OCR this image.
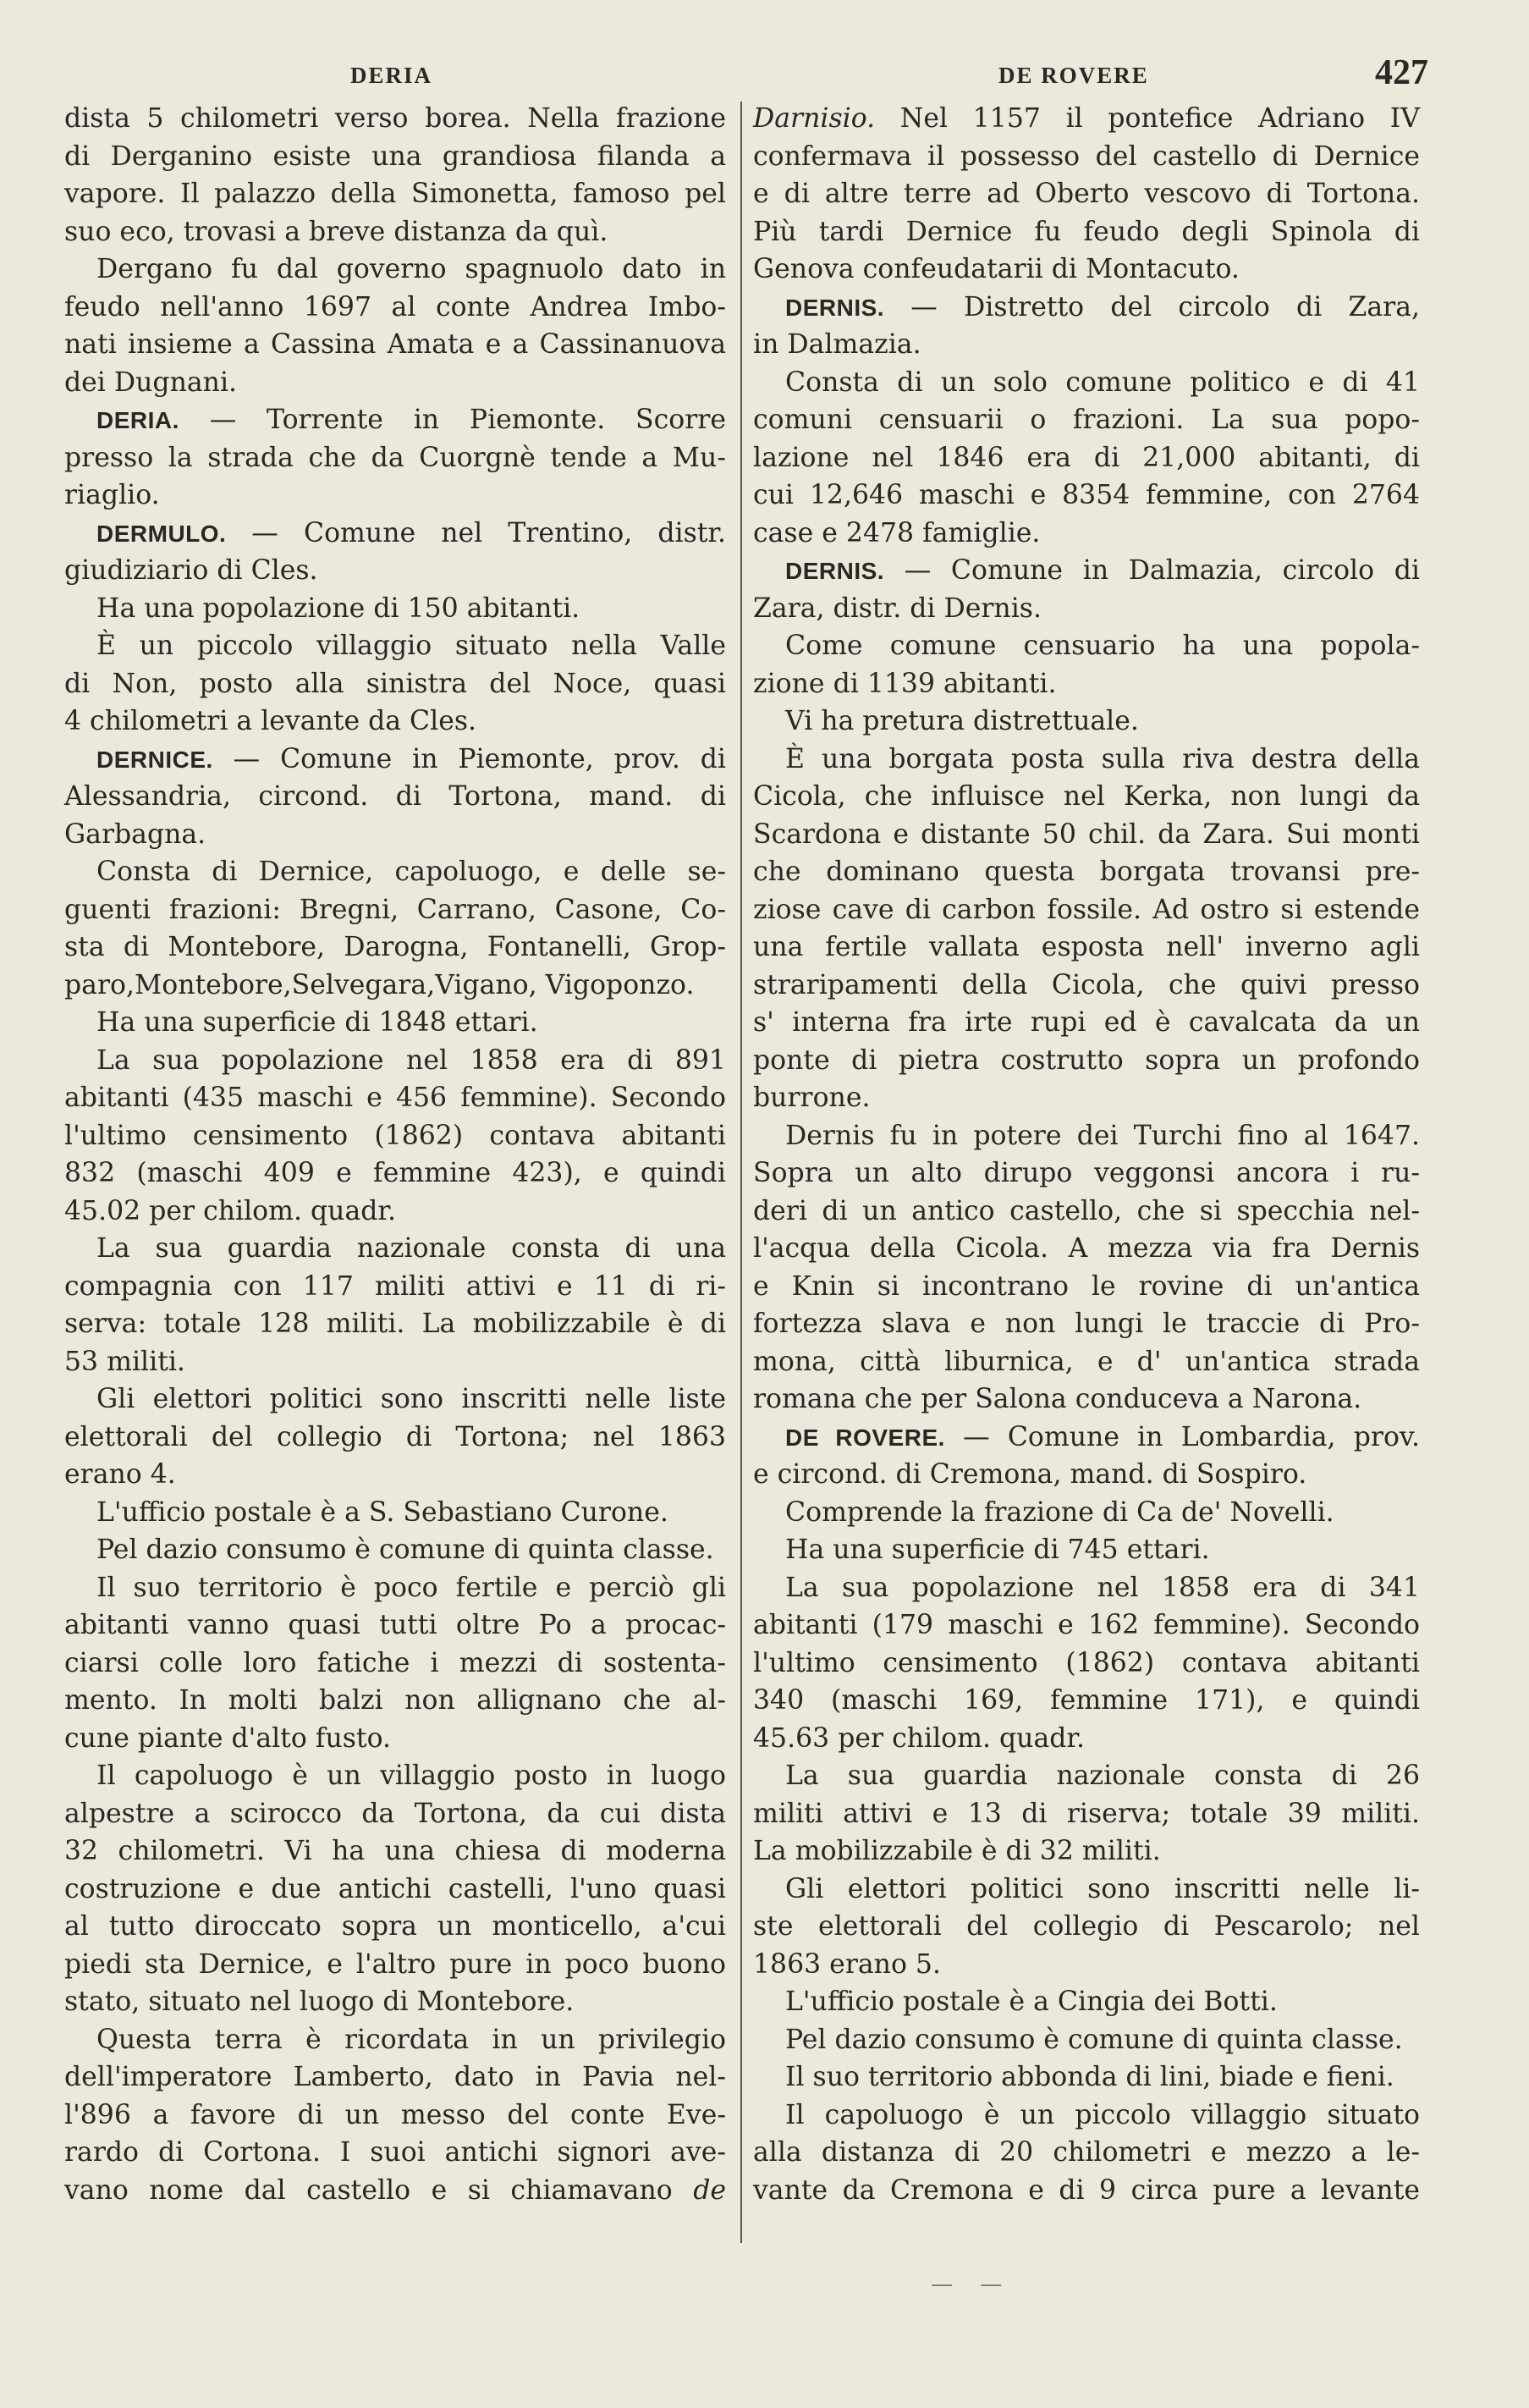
DERIA	DE ROVERE	427
dista 5 chilometri verso borea. Nella frazione
di Derganino esiste una grandiosa filanda a
vapore. Il palazzo della Simonetta, famoso pel
suo eco, trovasi a breve distanza da quì.
Dergano fu dal governo spagnuolo dato in
feudo nell'anno 1697 al conte Andrea Imbo-
nati insieme a Cassina Amata e a Cassinanuova
dei Dugnani.
DERIA. — Torrente in Piemonte. Scorre
presso la strada che da Cuorgnè tende a Mu-
riaglio.
DERMULO. — Comune nel Trentino, distr.
giudiziario di Cles.
Ha una popolazione di 150 abitanti.
È un piccolo villaggio situato nella Valle
di Non, posto alla sinistra del Noce, quasi
4 chilometri a levante da Cles.
DERNICE. — Comune in Piemonte, prov. di
Alessandria, circond. di Tortona, mand. di
Garbagna.
Consta di Dernice, capoluogo, e delle se-
guenti frazioni: Bregni, Carrano, Casone, Co-
sta di Montebore, Darogna, Fontanelli, Grop-
paro,Montebore,Selvegara,Vigano, Vigoponzo.
Ha una superficie di 1848 ettari.
La sua popolazione nel 1858 era di 891
abitanti (435 maschi e 456 femmine). Secondo
l'ultimo censimento (1862) contava abitanti
832 (maschi 409 e femmine 423), e quindi
45.02 per chilom. quadr.
La sua guardia nazionale consta di una
compagnia con 117 militi attivi e 11 di ri-
serva: totale 128 militi. La mobilizzabile è di
53 militi.
Gli elettori politici sono inscritti nelle liste
elettorali del collegio di Tortona; nel 1863
erano 4.
L'ufficio postale è a S. Sebastiano Curone.
Pel dazio consumo è comune di quinta classe.
Il suo territorio è poco fertile e perciò gli
abitanti vanno quasi tutti oltre Po a procac-
ciarsi colle loro fatiche i mezzi di sostenta-
mento. In molti balzi non allignano che al-
cune piante d'alto fusto.
Il capoluogo è un villaggio posto in luogo
alpestre a scirocco da Tortona, da cui dista
32 chilometri. Vi ha una chiesa di moderna
costruzione e due antichi castelli, l'uno quasi
al tutto diroccato sopra un monticello, a'cui
piedi sta Dernice, e l'altro pure in poco buono
stato, situato nel luogo di Montebore.
Questa terra è ricordata in un privilegio
dell'imperatore Lamberto, dato in Pavia nel-
l'896 a favore di un messo del conte Eve-
rardo di Cortona. I suoi antichi signori ave-
vano nome dal castello e si chiamavano de
Darnisio. Nel 1157 il pontefice Adriano IV
confermava il possesso del castello di Dernice
e di altre terre ad Oberto vescovo di Tortona.
Più tardi Dernice fu feudo degli Spinola di
Genova confeudatarii di Montacuto.
DERNIS. — Distretto del circolo di Zara,
in Dalmazia.
Consta di un solo comune politico e di 41
comuni censuarii o frazioni. La sua popo-
lazione nel 1846 era di 21,000 abitanti, di
cui 12,646 maschi e 8354 femmine, con 2764
case e 2478 famiglie.
DERNIS. — Comune in Dalmazia, circolo di
Zara, distr. di Dernis.
Come comune censuario ha una popola-
zione di 1139 abitanti.
Vi ha pretura distrettuale.
È una borgata posta sulla riva destra della
Cicola, che influisce nel Kerka, non lungi da
Scardona e distante 50 chil. da Zara. Sui monti
che dominano questa borgata trovansi pre-
ziose cave di carbon fossile. Ad ostro si estende
una fertile vallata esposta nell' inverno agli
straripamenti della Cicola, che quivi presso
s' interna fra irte rupi ed è cavalcata da un
ponte di pietra costrutto sopra un profondo
burrone.
Dernis fu in potere dei Turchi fino al 1647.
Sopra un alto dirupo veggonsi ancora i ru-
deri di un antico castello, che si specchia nel-
l'acqua della Cicola. A mezza via fra Dernis
e Knin si incontrano le rovine di un'antica
fortezza slava e non lungi le traccie di Pro-
mona, città liburnica, e d' un'antica strada
romana che per Salona conduceva a Narona.
DE ROVERE. — Comune in Lombardia, prov.
e circond. di Cremona, mand. di Sospiro.
Comprende la frazione di Ca de' Novelli.
Ha una superficie di 745 ettari.
La sua popolazione nel 1858 era di 341
abitanti (179 maschi e 162 femmine). Secondo
l'ultimo censimento (1862) contava abitanti
340 (maschi 169, femmine 171), e quindi
45.63 per chilom. quadr.
La sua guardia nazionale consta di 26
militi attivi e 13 di riserva; totale 39 militi.
La mobilizzabile è di 32 militi.
Gli elettori politici sono inscritti nelle li-
ste elettorali del collegio di Pescarolo; nel
1863 erano 5.
L'ufficio postale è a Cingia dei Botti.
Pel dazio consumo è comune di quinta classe.
Il suo territorio abbonda di lini, biade e fieni.
Il capoluogo è un piccolo villaggio situato
alla distanza di 20 chilometri e mezzo a le-
vante da Cremona e di 9 circa pure a levante
— —
